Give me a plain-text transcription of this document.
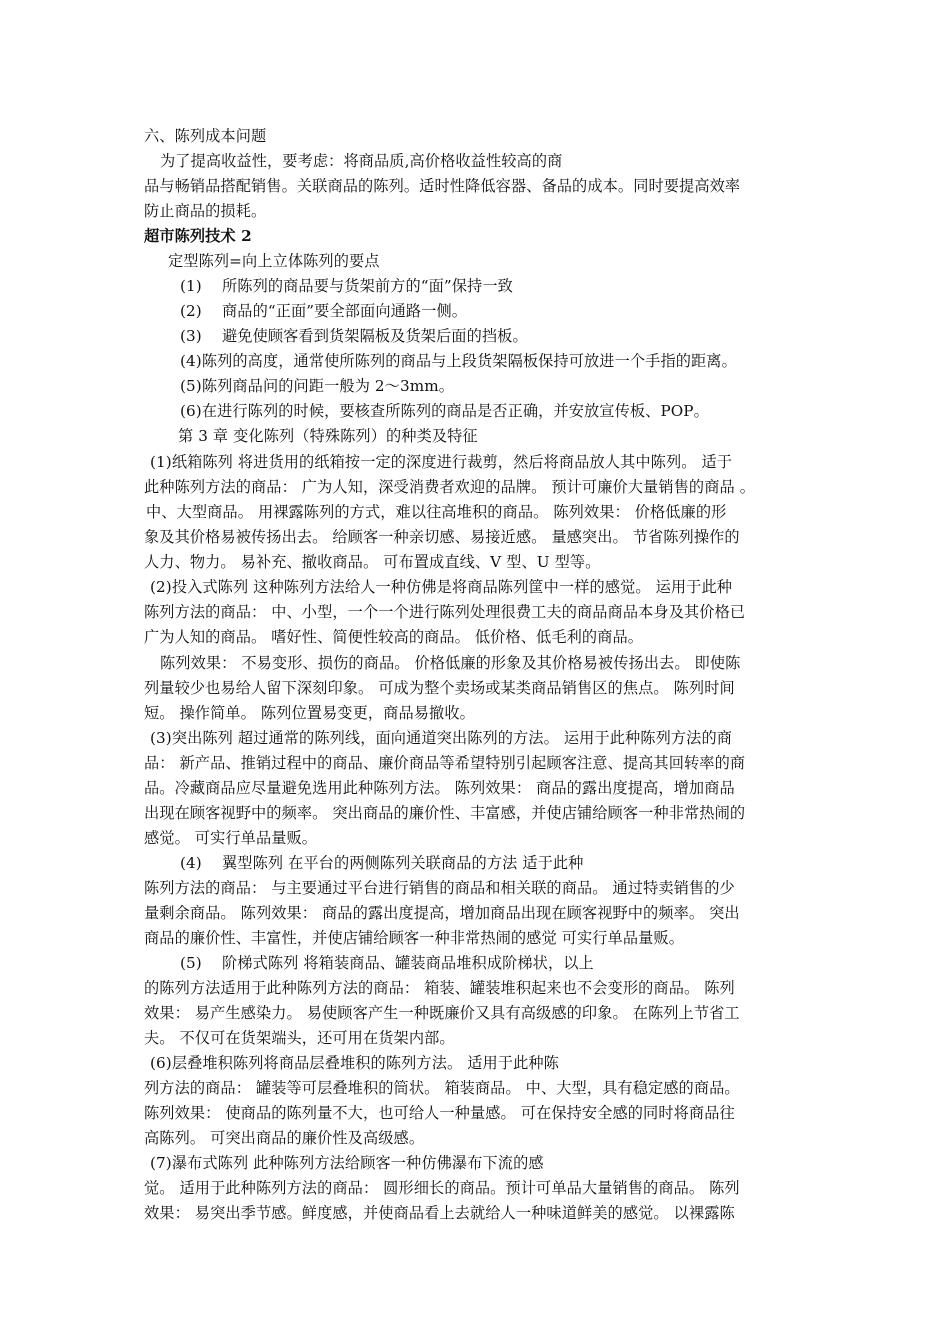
六、陈列成本问题
为了提高收益性，要考虑：将商品质,高价格收益性较高的商
品与畅销品搭配销售。关联商品的陈列。适时性降低容器、备品的成本。同时要提高效率
防止商品的损耗。
超市陈列技术 2
定型陈列=向上立体陈列的要点
(1) 所陈列的商品要与货架前方的“面”保持一致
(2) 商品的“正面”要全部面向通路一侧。
(3) 避免使顾客看到货架隔板及货架后面的挡板。
(4)陈列的高度，通常使所陈列的商品与上段货架隔板保持可放进一个手指的距离。
(5)陈列商品问的问距一般为 2～3mm。
(6)在进行陈列的时候，要核查所陈列的商品是否正确，并安放宣传板、POP。
第 3 章 变化陈列（特殊陈列）的种类及特征
(1)纸箱陈列 将进货用的纸箱按一定的深度进行裁剪，然后将商品放人其中陈列。 适于
此种陈列方法的商品： 广为人知，深受消费者欢迎的品牌。 预计可廉价大量销售的商品 。
中、大型商品。 用裸露陈列的方式，难以往高堆积的商品。 陈列效果： 价格低廉的形
象及其价格易被传扬出去。 给顾客一种亲切感、易接近感。 量感突出。 节省陈列操作的
人力、物力。 易补充、撤收商品。 可布置成直线、V 型、U 型等。
(2)投入式陈列 这种陈列方法给人一种仿佛是将商品陈列筐中一样的感觉。 运用于此种
陈列方法的商品： 中、小型，一个一个进行陈列处理很费工夫的商品商品本身及其价格已
广为人知的商品。 嗜好性、简便性较高的商品。 低价格、低毛利的商品。
陈列效果： 不易变形、损伤的商品。 价格低廉的形象及其价格易被传扬出去。 即使陈
列量较少也易给人留下深刻印象。 可成为整个卖场或某类商品销售区的焦点。 陈列时间
短。 操作简单。 陈列位置易变更，商品易撤收。
(3)突出陈列 超过通常的陈列线，面向通道突出陈列的方法。 运用于此种陈列方法的商
品： 新产品、推销过程中的商品、廉价商品等希望特别引起顾客注意、提高其回转率的商
品。冷藏商品应尽量避免选用此种陈列方法。 陈列效果： 商品的露出度提高，增加商品
出现在顾客视野中的频率。 突出商品的廉价性、丰富感，并使店铺给顾客一种非常热闹的
感觉。 可实行单品量贩。
(4) 翼型陈列 在平台的两侧陈列关联商品的方法 适于此种
陈列方法的商品： 与主要通过平台进行销售的商品和相关联的商品。 通过特卖销售的少
量剩余商品。 陈列效果： 商品的露出度提高，增加商品出现在顾客视野中的频率。 突出
商品的廉价性、丰富性，并使店铺给顾客一种非常热闹的感觉 可实行单品量贩。
(5) 阶梯式陈列 将箱装商品、罐装商品堆积成阶梯状，以上
的陈列方法适用于此种陈列方法的商品： 箱装、罐装堆积起来也不会变形的商品。 陈列
效果： 易产生感染力。 易使顾客产生一种既廉价又具有高级感的印象。 在陈列上节省工
夫。 不仅可在货架端头，还可用在货架内部。
(6)层叠堆积陈列将商品层叠堆积的陈列方法。 适用于此种陈
列方法的商品： 罐装等可层叠堆积的筒状。 箱装商品。 中、大型，具有稳定感的商品。
陈列效果： 使商品的陈列量不大，也可给人一种量感。 可在保持安全感的同时将商品往
高陈列。 可突出商品的廉价性及高级感。
(7)瀑布式陈列 此种陈列方法给顾客一种仿佛瀑布下流的感
觉。 适用于此种陈列方法的商品： 圆形细长的商品。预计可单品大量销售的商品。 陈列
效果： 易突出季节感。鲜度感，并使商品看上去就给人一种味道鲜美的感觉。 以裸露陈
